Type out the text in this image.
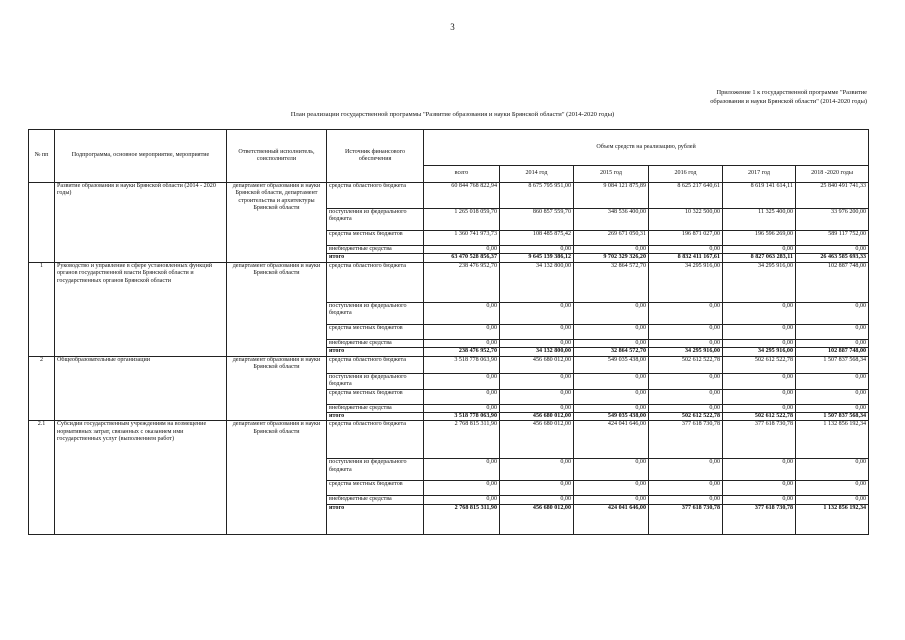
3
Приложение 1 к государственной программе "Развитие
образования и науки Брянской области" (2014-2020 годы)
План реализации государственной программы "Развитие образования и науки Брянской области" (2014-2020 годы)
№ пп	Подпрограмма, основное мероприятие, мероприятие	Ответственный исполнитель, соисполнители	Источник финансового обеспечения	Объем средств на реализацию, рублей					
				всего	2014 год	2015 год	2016 год	2017 год	2018 -2020 годы
	Развитие образования и науки Брянской области (2014 - 2020 годы)	департамент образования и науки Брянской области, департамент строительства и архитектуры Брянской области	средства областного бюджета	60 844 768 822,94	8 675 795 951,00	9 084 121 875,89	8 625 217 640,61	8 619 141 614,11	25 840 491 741,33
			поступления из федерального бюджета	1 265 018 059,70	860 857 559,70	348 536 400,00	10 322 500,00	11 325 400,00	33 976 200,00
			средства местных бюджетов	1 360 741 973,73	108 485 875,42	269 671 050,31	196 871 027,00	196 596 269,00	589 117 752,00
			внебюджетные средства	0,00	0,00	0,00	0,00	0,00	0,00
			итого	63 470 528 856,37	9 645 139 386,12	9 702 329 326,20	8 832 411 167,61	8 827 063 283,11	26 463 585 693,33
1	Руководство и управление в сфере установленных функций органов государственной власти Брянской области и государственных органов Брянской области	департамент образования и науки Брянской области	средства областного бюджета	238 476 952,70	34 132 800,00	32 864 572,70	34 295 916,00	34 295 916,00	102 887 748,00
			поступления из федерального бюджета	0,00	0,00	0,00	0,00	0,00	0,00
			средства местных бюджетов	0,00	0,00	0,00	0,00	0,00	0,00
			внебюджетные средства	0,00	0,00	0,00	0,00	0,00	0,00
			итого	238 476 952,70	34 132 800,00	32 864 572,70	34 295 916,00	34 295 916,00	102 887 748,00
2	Общеобразовательные организации	департамент образования и науки Брянской области	средства областного бюджета	3 518 778 063,90	456 680 012,00	549 035 438,00	502 612 522,78	502 612 522,78	1 507 837 568,34
			поступления из федерального бюджета	0,00	0,00	0,00	0,00	0,00	0,00
			средства местных бюджетов	0,00	0,00	0,00	0,00	0,00	0,00
			внебюджетные средства	0,00	0,00	0,00	0,00	0,00	0,00
			итого	3 518 778 063,90	456 680 012,00	549 035 438,00	502 612 522,78	502 612 522,78	1 507 837 568,34
2.1	Субсидии государственным учреждениям на возмещение нормативных затрат, связанных с оказанием ими государственных услуг (выполнением работ)	департамент образования и науки Брянской области	средства областного бюджета	2 768 815 311,90	456 680 012,00	424 041 646,00	377 618 730,78	377 618 730,78	1 132 856 192,34
			поступления из федерального бюджета	0,00	0,00	0,00	0,00	0,00	0,00
			средства местных бюджетов	0,00	0,00	0,00	0,00	0,00	0,00
			внебюджетные средства	0,00	0,00	0,00	0,00	0,00	0,00
			итого	2 768 815 311,90	456 680 012,00	424 041 646,00	377 618 730,78	377 618 730,78	1 132 856 192,34
